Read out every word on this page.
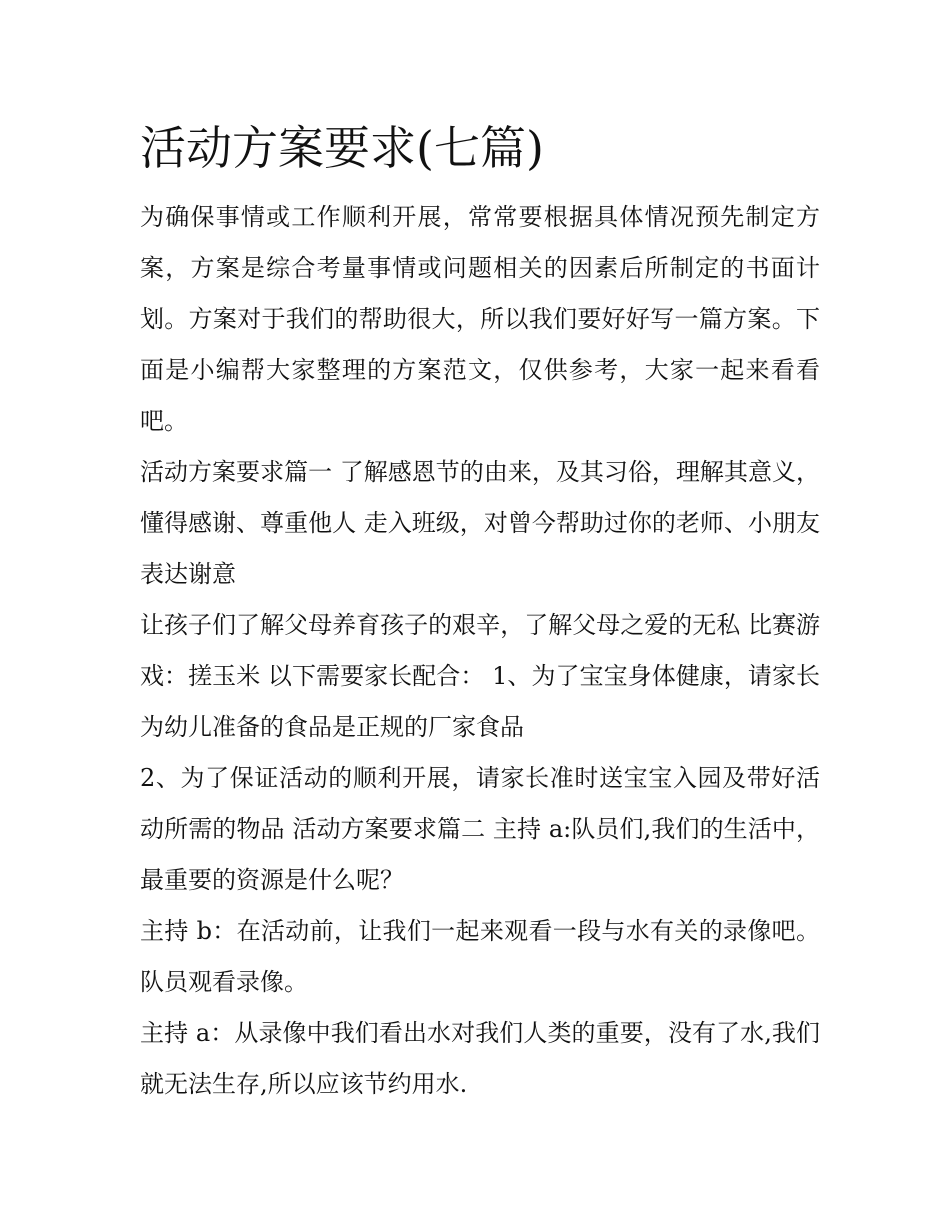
活动方案要求(七篇)

为确保事情或工作顺利开展，常常要根据具体情况预先制定方案，方案是综合考量事情或问题相关的因素后所制定的书面计划。方案对于我们的帮助很大，所以我们要好好写一篇方案。下面是小编帮大家整理的方案范文，仅供参考，大家一起来看看吧。

活动方案要求篇一 了解感恩节的由来，及其习俗，理解其意义，懂得感谢、尊重他人 走入班级，对曾今帮助过你的老师、小朋友表达谢意

让孩子们了解父母养育孩子的艰辛，了解父母之爱的无私 比赛游戏：搓玉米 以下需要家长配合： 1、为了宝宝身体健康，请家长为幼儿准备的食品是正规的厂家食品

2、为了保证活动的顺利开展，请家长准时送宝宝入园及带好活动所需的物品 活动方案要求篇二 主持 a:队员们,我们的生活中，最重要的资源是什么呢？

主持 b：在活动前，让我们一起来观看一段与水有关的录像吧。 队员观看录像。

主持 a：从录像中我们看出水对我们人类的重要，没有了水,我们就无法生存,所以应该节约用水.
